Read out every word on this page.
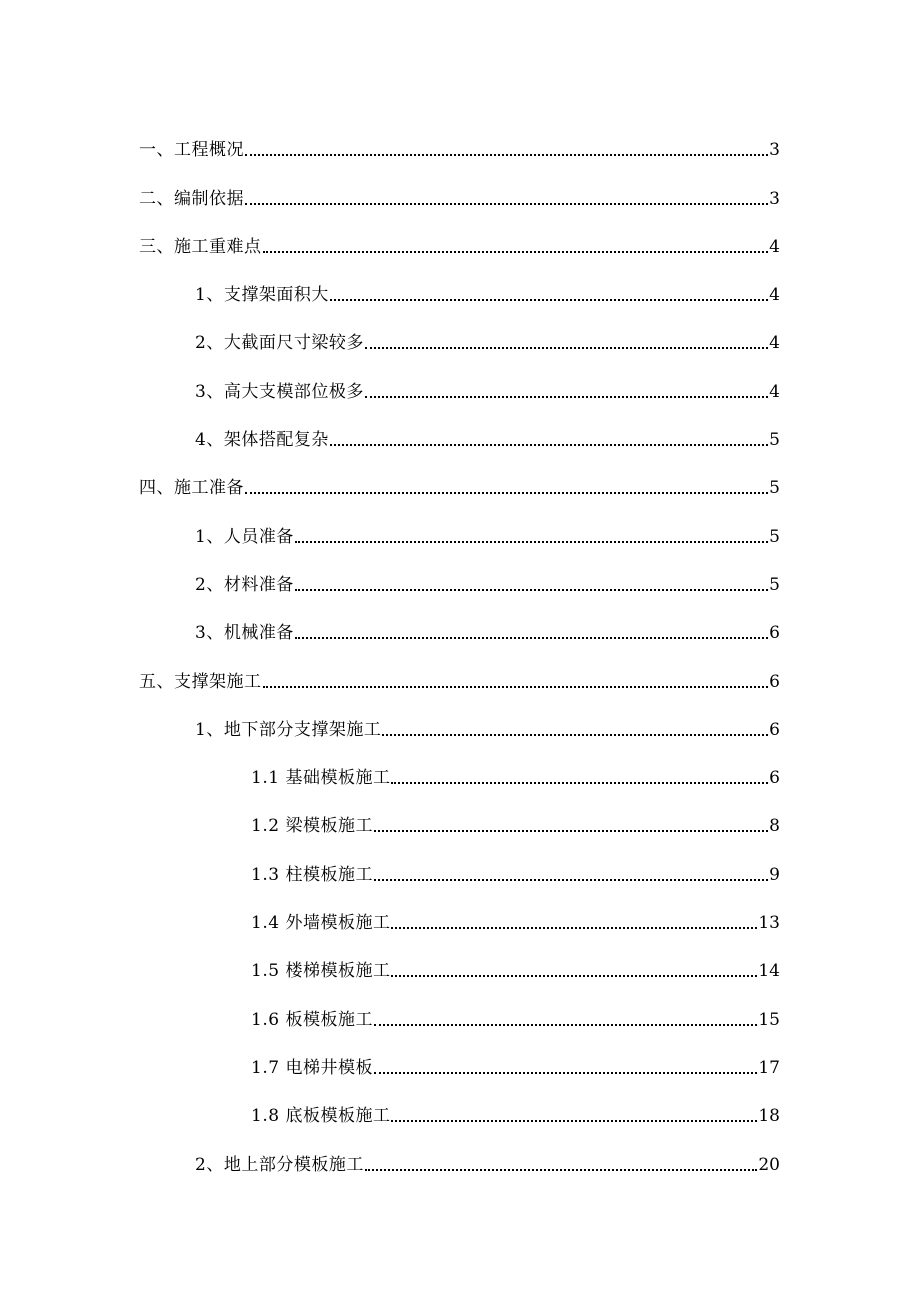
一、工程概况	3
二、编制依据	3
三、施工重难点	4
1、支撑架面积大	4
2、大截面尺寸梁较多	4
3、高大支模部位极多	4
4、架体搭配复杂	5
四、施工准备	5
1、人员准备	5
2、材料准备	5
3、机械准备	6
五、支撑架施工	6
1、地下部分支撑架施工	6
1.1 基础模板施工	6
1.2 梁模板施工	8
1.3 柱模板施工	9
1.4 外墙模板施工	13
1.5 楼梯模板施工	14
1.6 板模板施工	15
1.7 电梯井模板	17
1.8 底板模板施工	18
2、地上部分模板施工	20
